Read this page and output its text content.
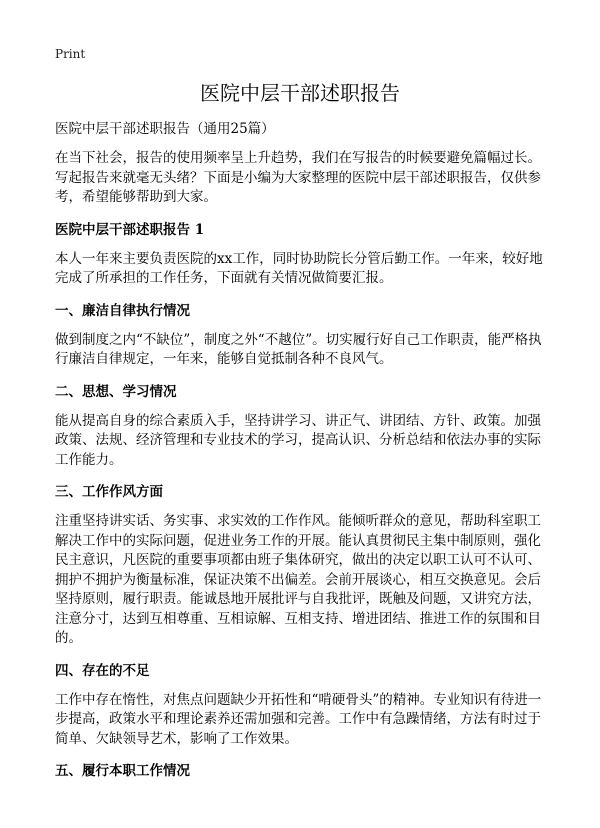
Print
医院中层干部述职报告

医院中层干部述职报告（通用25篇）

在当下社会，报告的使用频率呈上升趋势，我们在写报告的时候要避免篇幅过长。写起报告来就毫无头绪？下面是小编为大家整理的医院中层干部述职报告，仅供参考，希望能够帮助到大家。

医院中层干部述职报告 1

本人一年来主要负责医院的xx工作，同时协助院长分管后勤工作。一年来，较好地完成了所承担的工作任务，下面就有关情况做简要汇报。

一、廉洁自律执行情况

做到制度之内“不缺位”，制度之外“不越位”。切实履行好自己工作职责，能严格执行廉洁自律规定，一年来，能够自觉抵制各种不良风气。

二、思想、学习情况

能从提高自身的综合素质入手，坚持讲学习、讲正气、讲团结、方针、政策。加强政策、法规、经济管理和专业技术的学习，提高认识、分析总结和依法办事的实际工作能力。

三、工作作风方面

注重坚持讲实话、务实事、求实效的工作作风。能倾听群众的意见，帮助科室职工解决工作中的实际问题，促进业务工作的开展。能认真贯彻民主集中制原则，强化民主意识，凡医院的重要事项都由班子集体研究，做出的决定以职工认可不认可、拥护不拥护为衡量标准，保证决策不出偏差。会前开展谈心，相互交换意见。会后坚持原则，履行职责。能诚恳地开展批评与自我批评，既触及问题，又讲究方法，注意分寸，达到互相尊重、互相谅解、互相支持、增进团结、推进工作的氛围和目的。

四、存在的不足

工作中存在惰性，对焦点问题缺少开拓性和“啃硬骨头”的精神。专业知识有待进一步提高，政策水平和理论素养还需加强和完善。工作中有急躁情绪，方法有时过于简单、欠缺领导艺术，影响了工作效果。

五、履行本职工作情况
